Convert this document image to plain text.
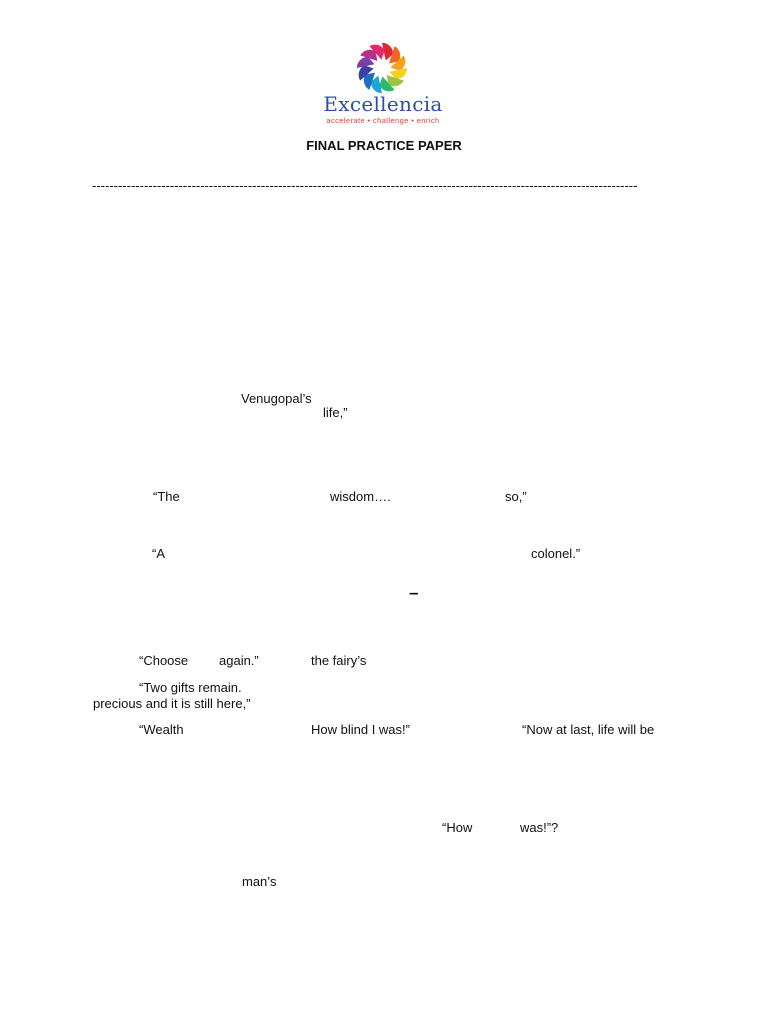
Excellencia
accelerate • challenge • enrich
FINAL PRACTICE PAPER
------------------------------------------------------------------------------------------------------------------------------
Venugopal’s
life,”
“The	wisdom….	so,”
“A	colonel.”
–
“Choose again.”	the fairy’s
“Two gifts remain.
precious and it is still here,”
“Wealth	How blind I was!”	“Now at last, life will be
“How	was!”?
man’s
